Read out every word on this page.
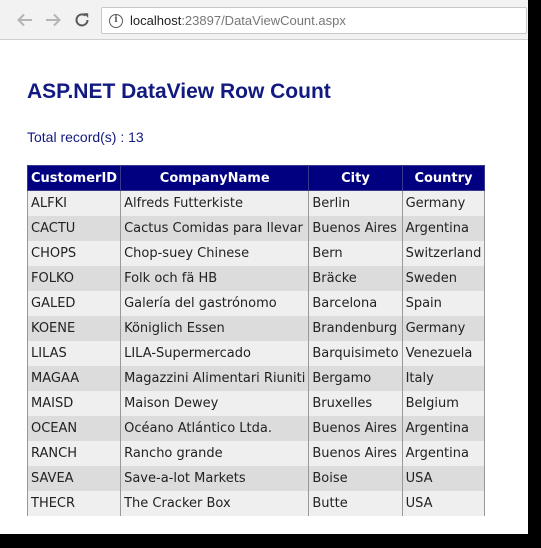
i localhost:23897/DataViewCount.aspx
ASP.NET DataView Row Count
Total record(s) : 13
CustomerID	CompanyName	City	Country
ALFKI	Alfreds Futterkiste	Berlin	Germany
CACTU	Cactus Comidas para llevar	Buenos Aires	Argentina
CHOPS	Chop-suey Chinese	Bern	Switzerland
FOLKO	Folk och fä HB	Bräcke	Sweden
GALED	Galería del gastrónomo	Barcelona	Spain
KOENE	Königlich Essen	Brandenburg	Germany
LILAS	LILA-Supermercado	Barquisimeto	Venezuela
MAGAA	Magazzini Alimentari Riuniti	Bergamo	Italy
MAISD	Maison Dewey	Bruxelles	Belgium
OCEAN	Océano Atlántico Ltda.	Buenos Aires	Argentina
RANCH	Rancho grande	Buenos Aires	Argentina
SAVEA	Save-a-lot Markets	Boise	USA
THECR	The Cracker Box	Butte	USA
